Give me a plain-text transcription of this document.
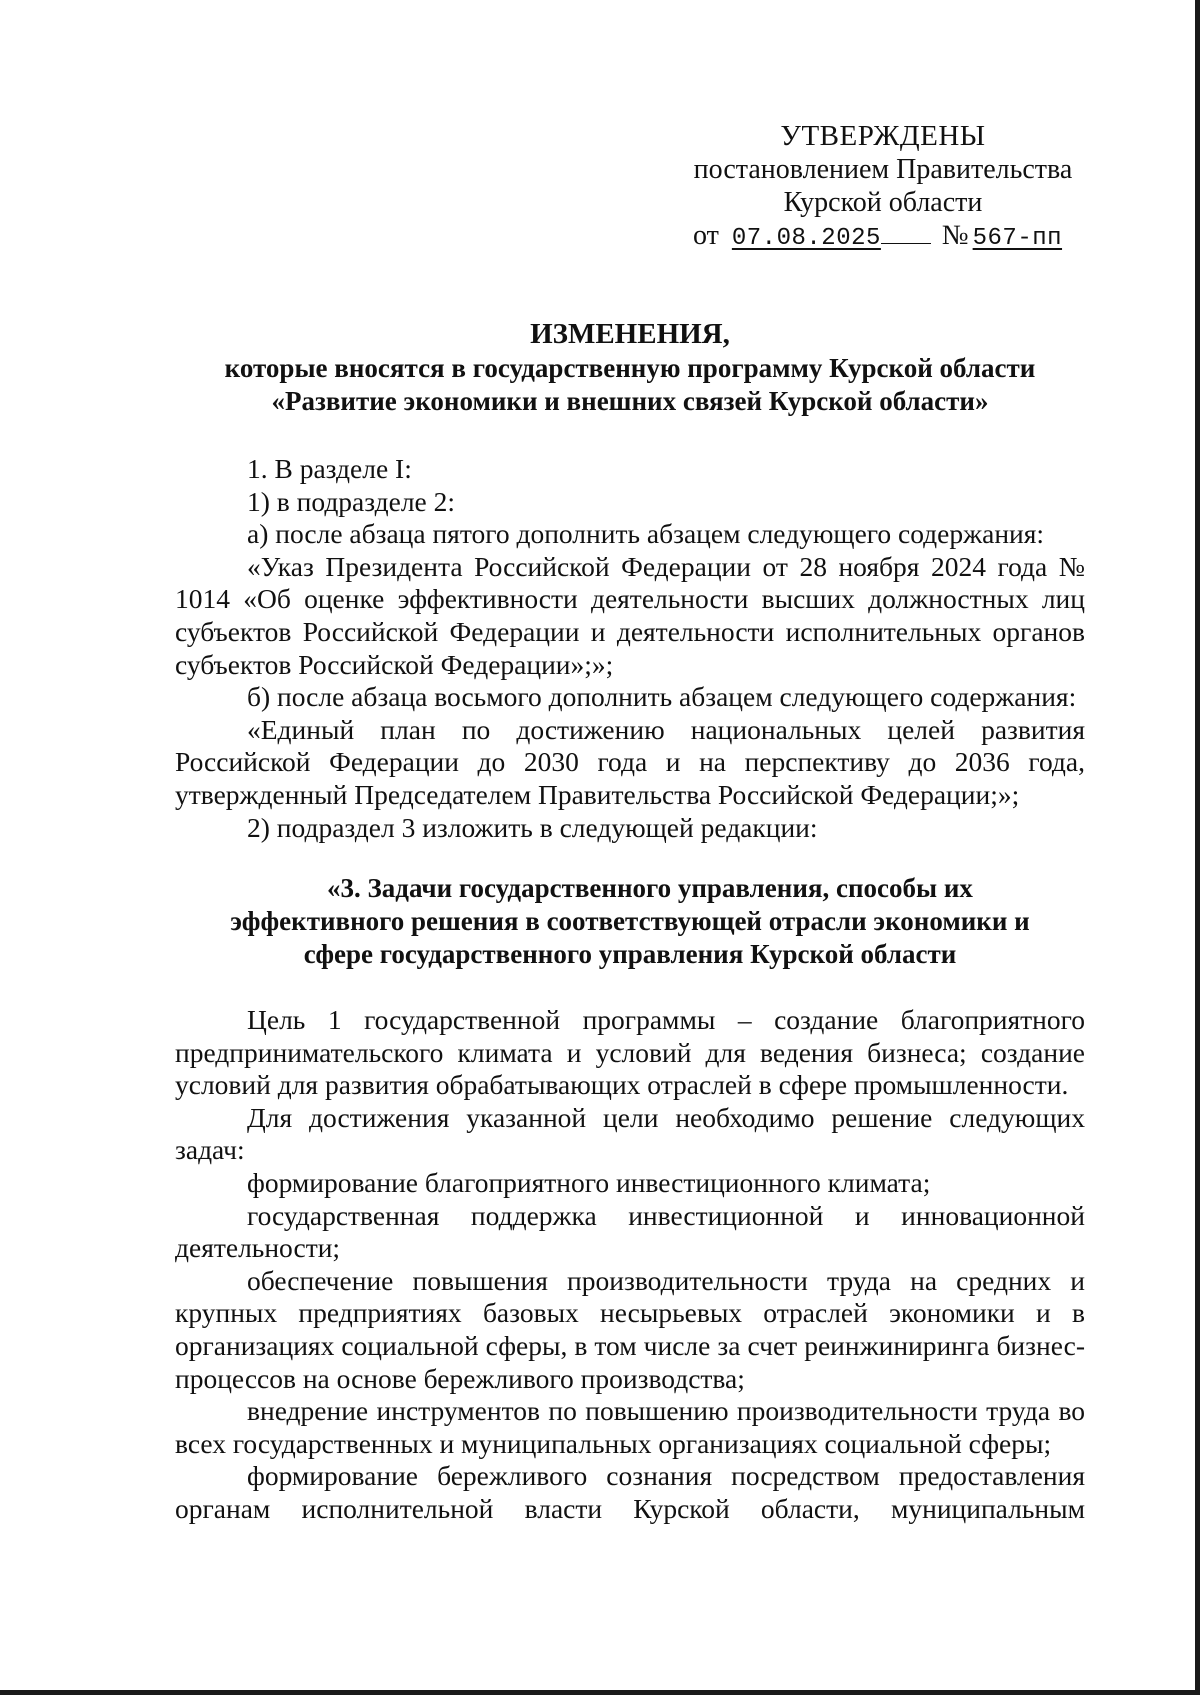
УТВЕРЖДЕНЫ
постановлением Правительства
Курской области
от 07.08.2025 № 567-пп
ИЗМЕНЕНИЯ,
которые вносятся в государственную программу Курской области
«Развитие экономики и внешних связей Курской области»

1. В разделе I:

1) в подразделе 2:

а) после абзаца пятого дополнить абзацем следующего содержания:

«Указ Президента Российской Федерации от 28 ноября 2024 года № 1014 «Об оценке эффективности деятельности высших должностных лиц субъектов Российской Федерации и деятельности исполнительных органов субъектов Российской Федерации»;»;

б) после абзаца восьмого дополнить абзацем следующего содержания:

«Единый план по достижению национальных целей развития Российской Федерации до 2030 года и на перспективу до 2036 года, утвержденный Председателем Правительства Российской Федерации;»;

2) подраздел 3 изложить в следующей редакции:

«3. Задачи государственного управления, способы их
эффективного решения в соответствующей отрасли экономики и
сфере государственного управления Курской области

Цель 1 государственной программы – создание благоприятного предпринимательского климата и условий для ведения бизнеса; создание условий для развития обрабатывающих отраслей в сфере промышленности.

Для достижения указанной цели необходимо решение следующих задач:

формирование благоприятного инвестиционного климата;

государственная поддержка инвестиционной и инновационной деятельности;

обеспечение повышения производительности труда на средних и крупных предприятиях базовых несырьевых отраслей экономики и в организациях социальной сферы, в том числе за счет реинжиниринга бизнес-процессов на основе бережливого производства;

внедрение инструментов по повышению производительности труда во всех государственных и муниципальных организациях социальной сферы;

формирование бережливого сознания посредством предоставления органам исполнительной власти Курской области, муниципальным
